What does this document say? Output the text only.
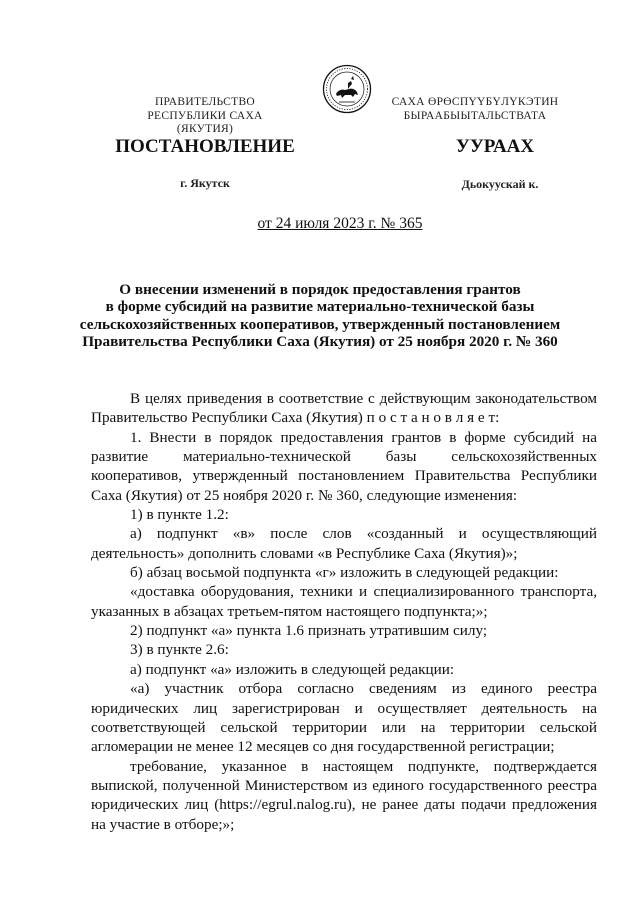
ПРАВИТЕЛЬСТВО
РЕСПУБЛИКИ САХА (ЯКУТИЯ)
САХА ӨРӨСПҮҮБҮЛҮКЭТИН
БЫРААБЫЫТАЛЬСТВАТА
ПОСТАНОВЛЕНИЕ	УУРААХ
г. Якутск	Дьокуускай к.
от 24 июля 2023 г. № 365
О внесении изменений в порядок предоставления грантов
в форме субсидий на развитие материально-технической базы
сельскохозяйственных кооперативов, утвержденный постановлением
Правительства Республики Саха (Якутия) от 25 ноября 2020 г. № 360

В целях приведения в соответствие с действующим законодательством Правительство Республики Саха (Якутия) п о с т а н о в л я е т:

1. Внести в порядок предоставления грантов в форме субсидий на развитие материально-технической базы сельскохозяйственных кооперативов, утвержденный постановлением Правительства Республики Саха (Якутия) от 25 ноября 2020 г. № 360, следующие изменения:

1) в пункте 1.2:

а) подпункт «в» после слов «созданный и осуществляющий деятельность» дополнить словами «в Республике Саха (Якутия)»;

б) абзац восьмой подпункта «г» изложить в следующей редакции:

«доставка оборудования, техники и специализированного транспорта, указанных в абзацах третьем-пятом настоящего подпункта;»;

2) подпункт «а» пункта 1.6 признать утратившим силу;

3) в пункте 2.6:

а) подпункт «а» изложить в следующей редакции:

«а) участник отбора согласно сведениям из единого реестра юридических лиц зарегистрирован и осуществляет деятельность на соответствующей сельской территории или на территории сельской агломерации не менее 12 месяцев со дня государственной регистрации;

требование, указанное в настоящем подпункте, подтверждается выпиской, полученной Министерством из единого государственного реестра юридических лиц (https://egrul.nalog.ru), не ранее даты подачи предложения на участие в отборе;»;
